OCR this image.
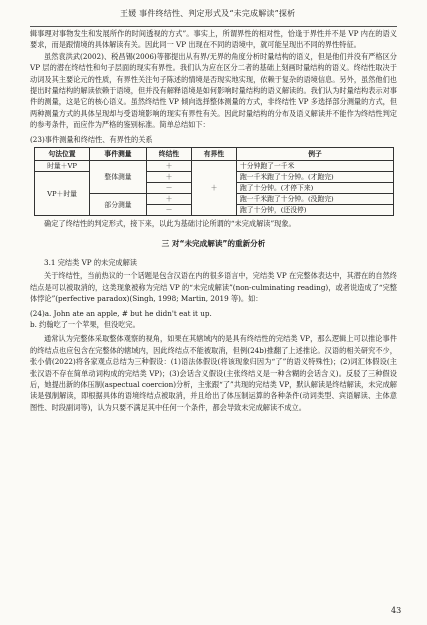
王媛 事件终结性、判定形式及“未完成解读”探析

辑事理对事物发生和发展所作的时间透视的方式”。事实上，所谓界性的相对性，恰逢于界性并不是 VP 内在的语义要求，而是跟情境的具体解读有关。因此同一 VP 出现在不同的语境中，就可能呈现出不同的界性特征。

虽然袁洪武(2002)、税昌锡(2006)等都提出从有界/无界的角度分析时量结构的语义，但是他们并没有严格区分 VP 层的潜在终结性和句子层面的现实有界性。我们认为应在区分二者的基础上刻画时量结构的语义。终结性取决于动词及其主要论元的性质，有界性关注句子陈述的情境是否现实地实现，依赖于复杂的语境信息。另外，虽然他们也提出时量结构的解读依赖于语境，但并没有解释语境是如何影响时量结构的语义解读的。我们认为时量结构表示对事件的测量，这是它的核心语义。虽然终结性 VP 倾向选择整体测量的方式，非终结性 VP 多选择部分测量的方式，但两种测量方式的具体呈现却与受语境影响的现实有界性有关。因此时量结构的分布及语义解读并不能作为终结性判定的参考条件，而应作为严格的鉴别标准。简单总结如下：

(23)事件测量和终结性、有界性的关系
句法位置	事件测量	终结性	有界性	例子
时量＋VP	整体测量	＋	＋	十分钟跑了一千米
VP＋时量		＋		跑一千米跑了十分钟。(才跑完)
		－		跑了十分钟。(才停下来)
	部分测量	＋		跑一千米跑了十分钟。(没跑完)
		－		跑了十分钟，(还没停)

确定了终结性的判定形式，接下来，以此为基础讨论所谓的“未完成解读”现象。

三 对“未完成解读”的重新分析
3.1 完结类 VP 的未完成解读

关于终结性，当前热议的一个话题是包含汉语在内的很多语言中，完结类 VP 在完整体表达中，其潜在的自然终结点是可以被取消的，这类现象被称为完结 VP 的“未完成解读”(non-culminating reading)，或者说造成了“完整体悖论”(perfective paradox)(Singh, 1998; Martin, 2019 等)。如：

(24)a. John ate an apple, # but he didn't eat it up.

b. 约翰吃了一个苹果，但没吃完。

通常认为完整体采取整体观察的视角，如果在其辖域内的是具有终结性的完结类 VP，那么逻辑上可以推论事件的终结点也应包含在完整体的辖域内，因此终结点不能被取消，但例(24b)推翻了上述推论。汉语的相关研究不少，张小倩(2022)将各家观点总结为三种假设：(1)语法体假设(将该现象归因为“了”的语义特殊性)；(2)词汇体假设(主张汉语不存在简单动词构成的完结类 VP)；(3)会话含义假设(主张终结义是一种含糊的会话含义)。反驳了三种假设后，她提出新的体压制(aspectual coercion)分析，主张跟“了”共现的完结类 VP，默认解读是终结解读，未完成解读是强制解读，即根据具体的语境终结点被取消，并且给出了体压制运算的各种条件(动词类型、宾语解读、主体意图性、时段副词等)，认为只要不满足其中任何一个条件，都会导致未完成解读不成立。

43
